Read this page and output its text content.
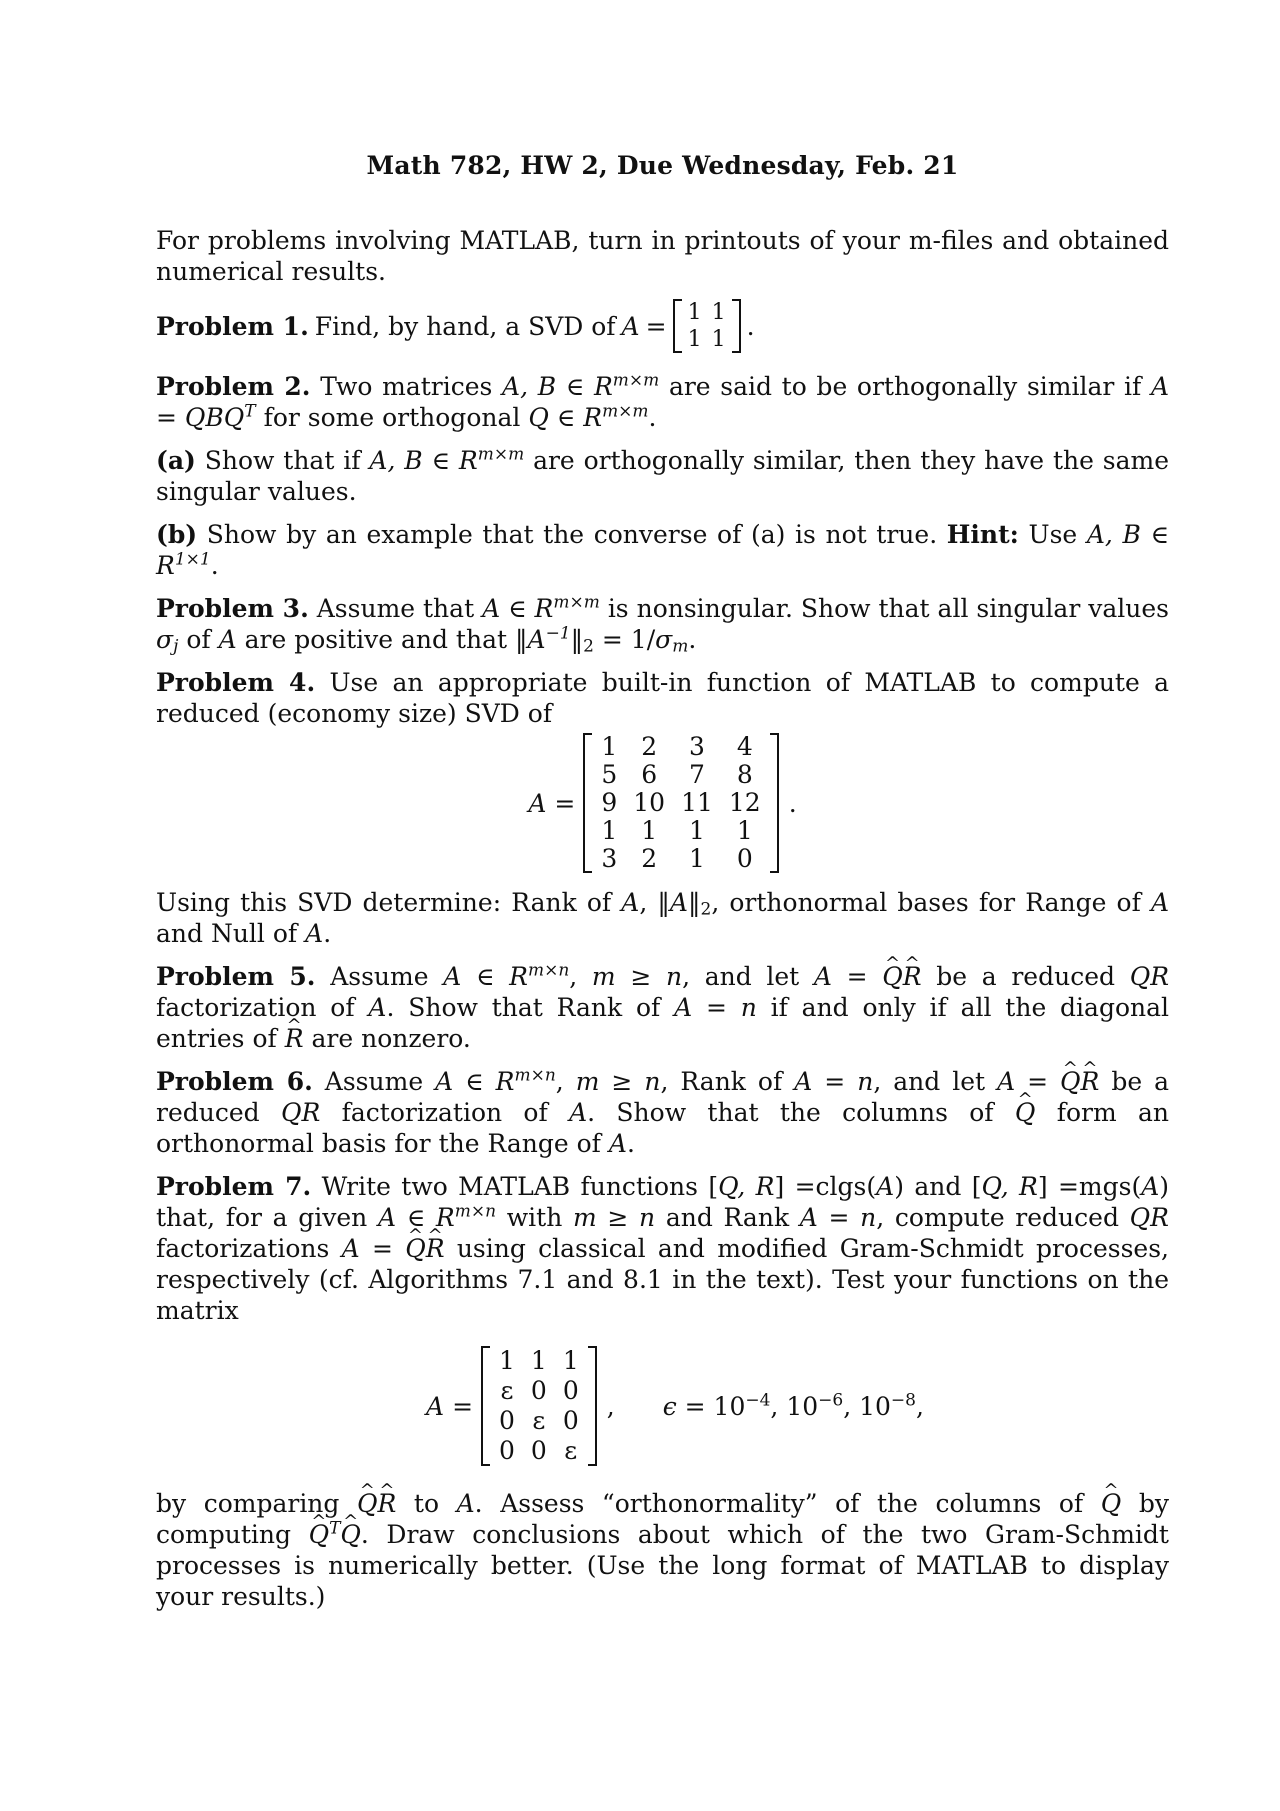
Math 782, HW 2, Due Wednesday, Feb. 21

For problems involving MATLAB, turn in printouts of your m-files and obtained numerical results.

Problem 1. Find, by hand, a SVD of A = 1	1
1	1 .

Problem 2. Two matrices A, B ∈ $R^{m\times m}$ are said to be orthogonally similar if $A = QBQ^T$ for some orthogonal Q ∈ $R^{m\times m}$.

(a) Show that if A, B ∈ $R^{m\times m}$ are orthogonally similar, then they have the same singular values.

(b) Show by an example that the converse of (a) is not true. Hint: Use A, B ∈ $R^{1\times 1}$.

Problem 3. Assume that A ∈ $R^{m\times m}$ is nonsingular. Show that all singular values $\sigma_j$ of A are positive and that $‖A^{-1}‖_2 = 1/\sigma_m$.

Problem 4. Use an appropriate built-in function of MATLAB to compute a reduced (economy size) SVD of

A =
1	2	3	4
5	6	7	8
9	10	11	12
1	1	1	1
3	2	1	0
.

Using this SVD determine: Rank of A, $‖A‖_2$, orthonormal bases for Range of A and Null of A.

Problem 5. Assume A ∈ $R^{m\times n}$, m ≥ n, and let A = ^ Q^ R be a reduced QR factorization of A. Show that Rank of A = n if and only if all the diagonal entries of ^ R are nonzero.

Problem 6. Assume A ∈ $R^{m\times n}$, m ≥ n, Rank of A = n, and let A = ^ Q^ R be a reduced QR factorization of A. Show that the columns of ^ Q form an orthonormal basis for the Range of A.

Problem 7. Write two MATLAB functions [Q, R] =clgs(A) and [Q, R] =mgs(A) that, for a given A ∈ $R^{m\times n}$ with m ≥ n and Rank A = n, compute reduced QR factorizations A = ^ Q^ R using classical and modified Gram-Schmidt processes, respectively (cf. Algorithms 7.1 and 8.1 in the text). Test your functions on the matrix

A =
1	1	1
ε	0	0
0	ε	0
0	0	ε
, $\epsilon = 10^{-4}$, $10^{-6}$, $10^{-8}$,

by comparing ^ Q^ R to A. Assess “orthonormality” of the columns of ^ Q by computing ^ $Q^T\^{}$ Q. Draw conclusions about which of the two Gram-Schmidt processes is numerically better. (Use the long format of MATLAB to display your results.)
